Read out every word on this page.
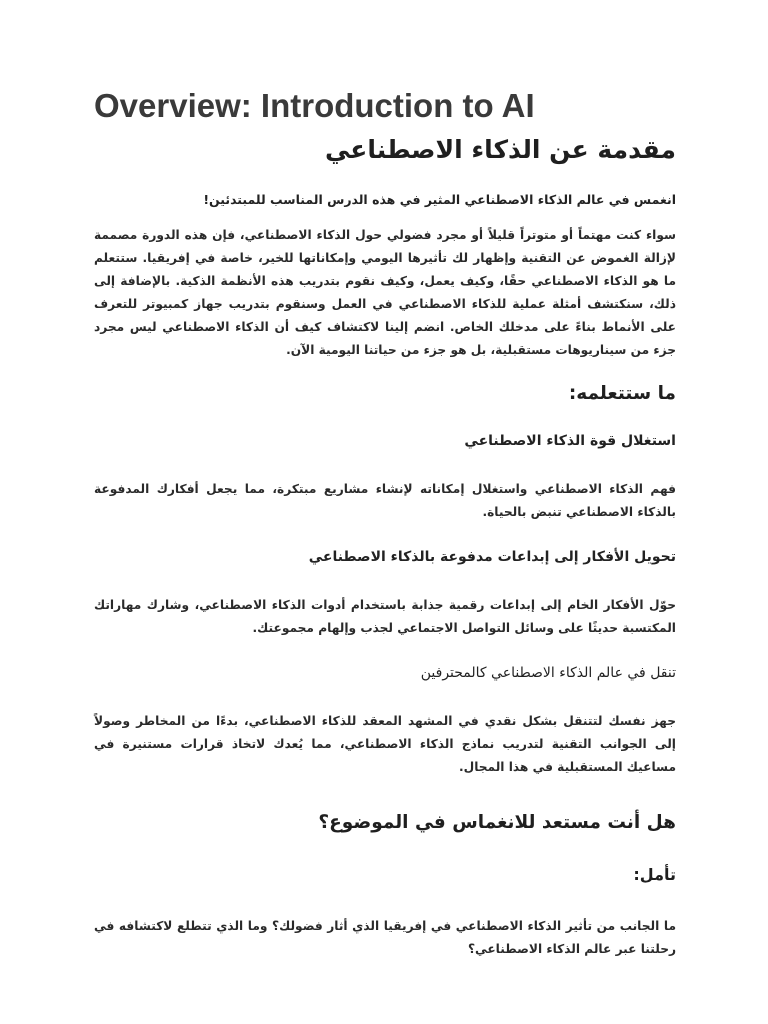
Overview: Introduction to AI
مقدمة عن الذكاء الاصطناعي

انغمس في عالم الذكاء الاصطناعي المثير في هذه الدرس المناسب للمبتدئين!

سواء كنت مهتماً أو متوتراً قليلاً أو مجرد فضولي حول الذكاء الاصطناعي، فإن هذه الدورة مصممة لإزالة الغموض عن التقنية وإظهار لك تأثيرها اليومي وإمكاناتها للخير، خاصة في إفريقيا. ستتعلم ما هو الذكاء الاصطناعي حقًا، وكيف يعمل، وكيف نقوم بتدريب هذه الأنظمة الذكية. بالإضافة إلى ذلك، سنكتشف أمثلة عملية للذكاء الاصطناعي في العمل وسنقوم بتدريب جهاز كمبيوتر للتعرف على الأنماط بناءً على مدخلك الخاص. انضم إلينا لاكتشاف كيف أن الذكاء الاصطناعي ليس مجرد جزء من سيناريوهات مستقبلية، بل هو جزء من حياتنا اليومية الآن.

ما ستتعلمه:
استغلال قوة الذكاء الاصطناعي

فهم الذكاء الاصطناعي واستغلال إمكاناته لإنشاء مشاريع مبتكرة، مما يجعل أفكارك المدفوعة بالذكاء الاصطناعي تنبض بالحياة.

تحويل الأفكار إلى إبداعات مدفوعة بالذكاء الاصطناعي

حوّل الأفكار الخام إلى إبداعات رقمية جذابة باستخدام أدوات الذكاء الاصطناعي، وشارك مهاراتك المكتسبة حديثًا على وسائل التواصل الاجتماعي لجذب وإلهام مجموعتك.

تنقل في عالم الذكاء الاصطناعي كالمحترفين

جهز نفسك لتتنقل بشكل نقدي في المشهد المعقد للذكاء الاصطناعي، بدءًا من المخاطر وصولاً إلى الجوانب التقنية لتدريب نماذج الذكاء الاصطناعي، مما يُعدك لاتخاذ قرارات مستنيرة في مساعيك المستقبلية في هذا المجال.

هل أنت مستعد للانغماس في الموضوع؟
تأمل:

ما الجانب من تأثير الذكاء الاصطناعي في إفريقيا الذي أثار فضولك؟ وما الذي تتطلع لاكتشافه في رحلتنا عبر عالم الذكاء الاصطناعي؟
